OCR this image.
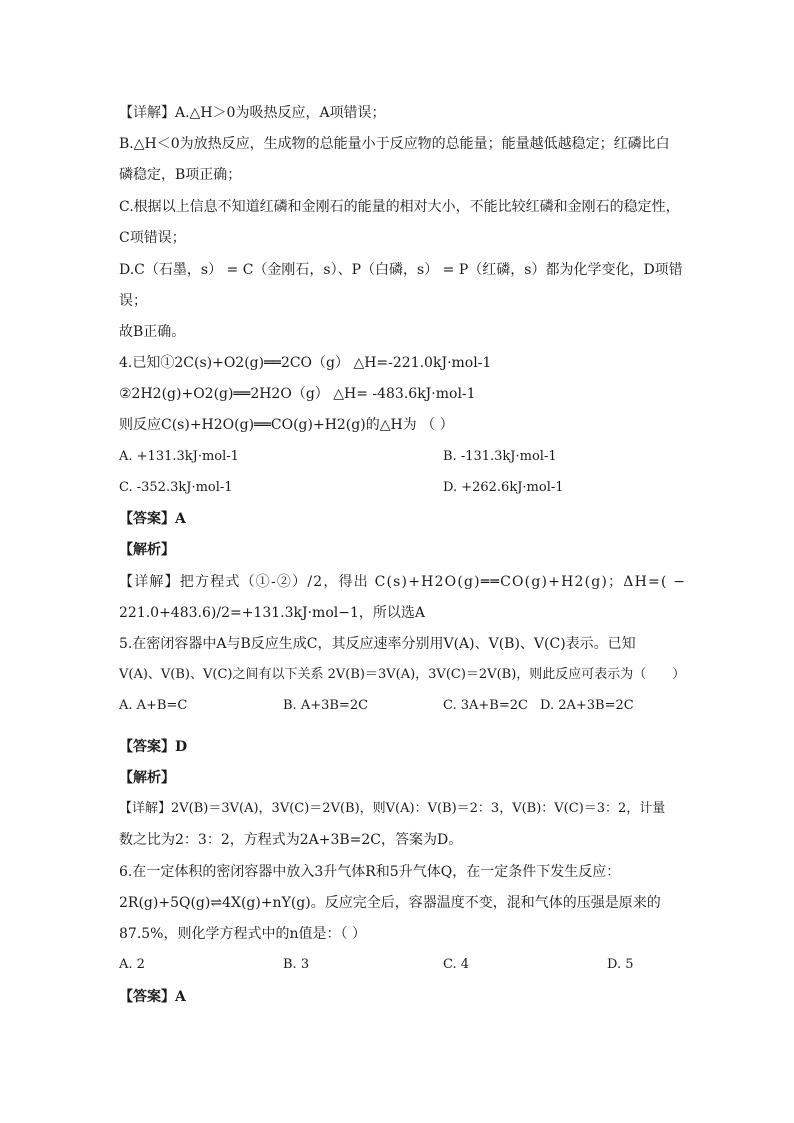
【详解】A.△H＞0为吸热反应，A项错误；
B.△H＜0为放热反应，生成物的总能量小于反应物的总能量；能量越低越稳定；红磷比白
磷稳定，B项正确；
C.根据以上信息不知道红磷和金刚石的能量的相对大小，不能比较红磷和金刚石的稳定性，
C项错误；
D.C（石墨，s） = C（金刚石，s）、P（白磷，s） = P（红磷，s）都为化学变化，D项错
误；
故B正确。
4.已知①2C(s)+O2(g)══2CO（g） △H=-221.0kJ·mol-1
②2H2(g)+O2(g)══2H2O（g） △H= -483.6kJ·mol-1
则反应C(s)+H2O(g)══CO(g)+H2(g)的△H为 （ ）
A. +131.3kJ·mol-1	B. -131.3kJ·mol-1
C. -352.3kJ·mol-1	D. +262.6kJ·mol-1
【答案】A
【解析】
【详解】把方程式（①-②）/2，得出 C(s)+H2O(g)══CO(g)+H2(g)；ΔH=( −
221.0+483.6)/2=+131.3kJ·mol−1，所以选A
5.在密闭容器中A与B反应生成C，其反应速率分别用V(A)、V(B)、V(C)表示。已知
V(A)、V(B)、V(C)之间有以下关系 2V(B)＝3V(A)，3V(C)＝2V(B)，则此反应可表示为（　　）
A. A+B=C	B. A+3B=2C	C. 3A+B=2C D. 2A+3B=2C
【答案】D
【解析】
【详解】2V(B)＝3V(A)，3V(C)＝2V(B)，则V(A)：V(B)＝2：3，V(B)：V(C)＝3：2，计量
数之比为2：3：2，方程式为2A+3B=2C，答案为D。
6.在一定体积的密闭容器中放入3升气体R和5升气体Q，在一定条件下发生反应：
2R(g)+5Q(g)⇌4X(g)+nY(g)。反应完全后，容器温度不变，混和气体的压强是原来的
87.5%，则化学方程式中的n值是：（ ）
A. 2	B. 3	C. 4	D. 5
【答案】A
